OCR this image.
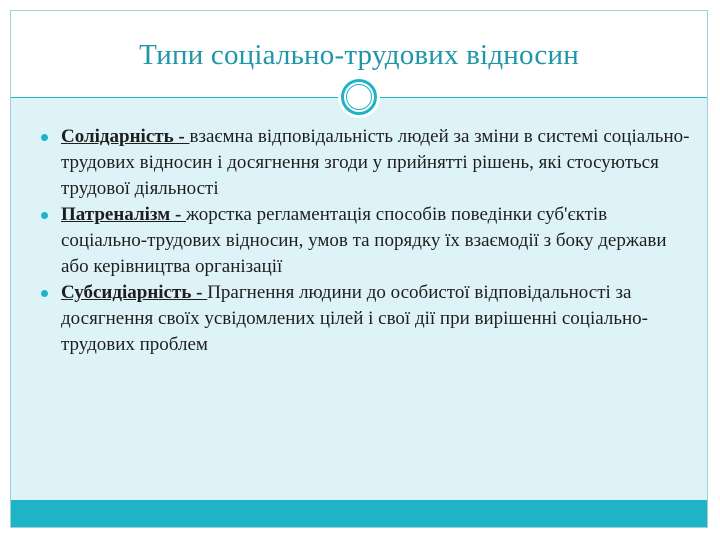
Типи соціально-трудових відносин
Солідарність - взаємна відповідальність людей за зміни в системі соціально-трудових відносин і досягнення згоди у прийнятті рішень, які стосуються трудової діяльності
Патреналізм - жорстка регламентація способів поведінки суб'єктів соціально-трудових відносин, умов та порядку їх взаємодії з боку держави або керівництва організації
Субсидіарність - Прагнення людини до особистої відповідальності за досягнення своїх усвідомлених цілей і свої дії при вирішенні соціально-трудових проблем
